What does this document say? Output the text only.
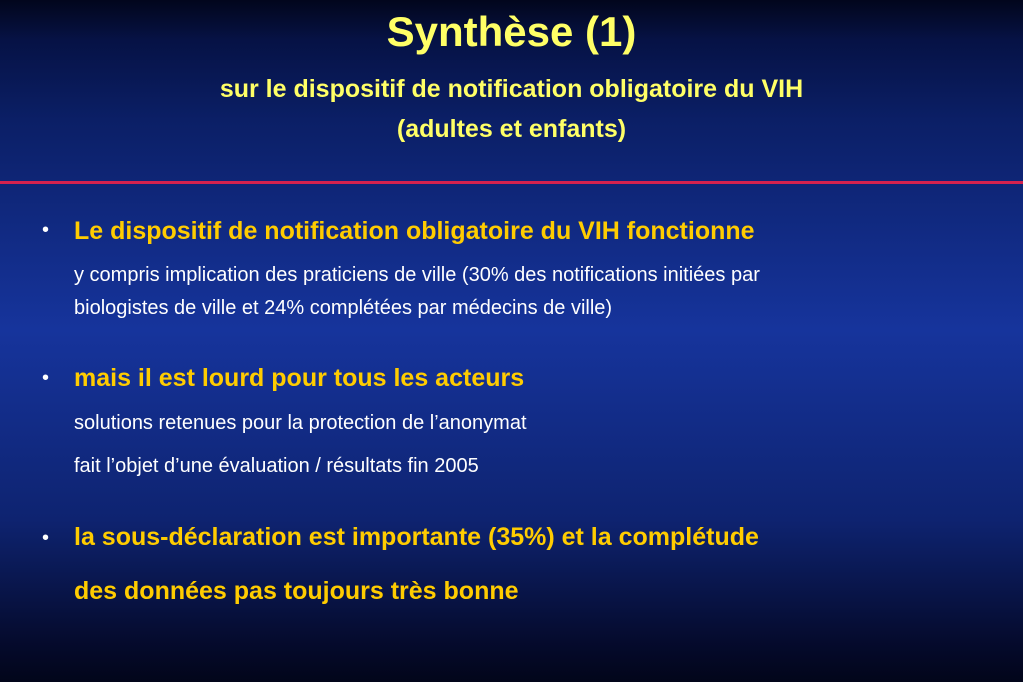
Synthèse (1)
sur le dispositif de notification obligatoire du VIH
(adultes et enfants)
• Le dispositif de notification obligatoire du VIH fonctionne
y compris implication des praticiens de ville (30% des notifications initiées par
biologistes de ville et 24% complétées par médecins de ville)
• mais il est lourd pour tous les acteurs
solutions retenues pour la protection de l’anonymat
fait l’objet d’une évaluation / résultats fin 2005
• la sous-déclaration est importante (35%) et la complétude
des données pas toujours très bonne
